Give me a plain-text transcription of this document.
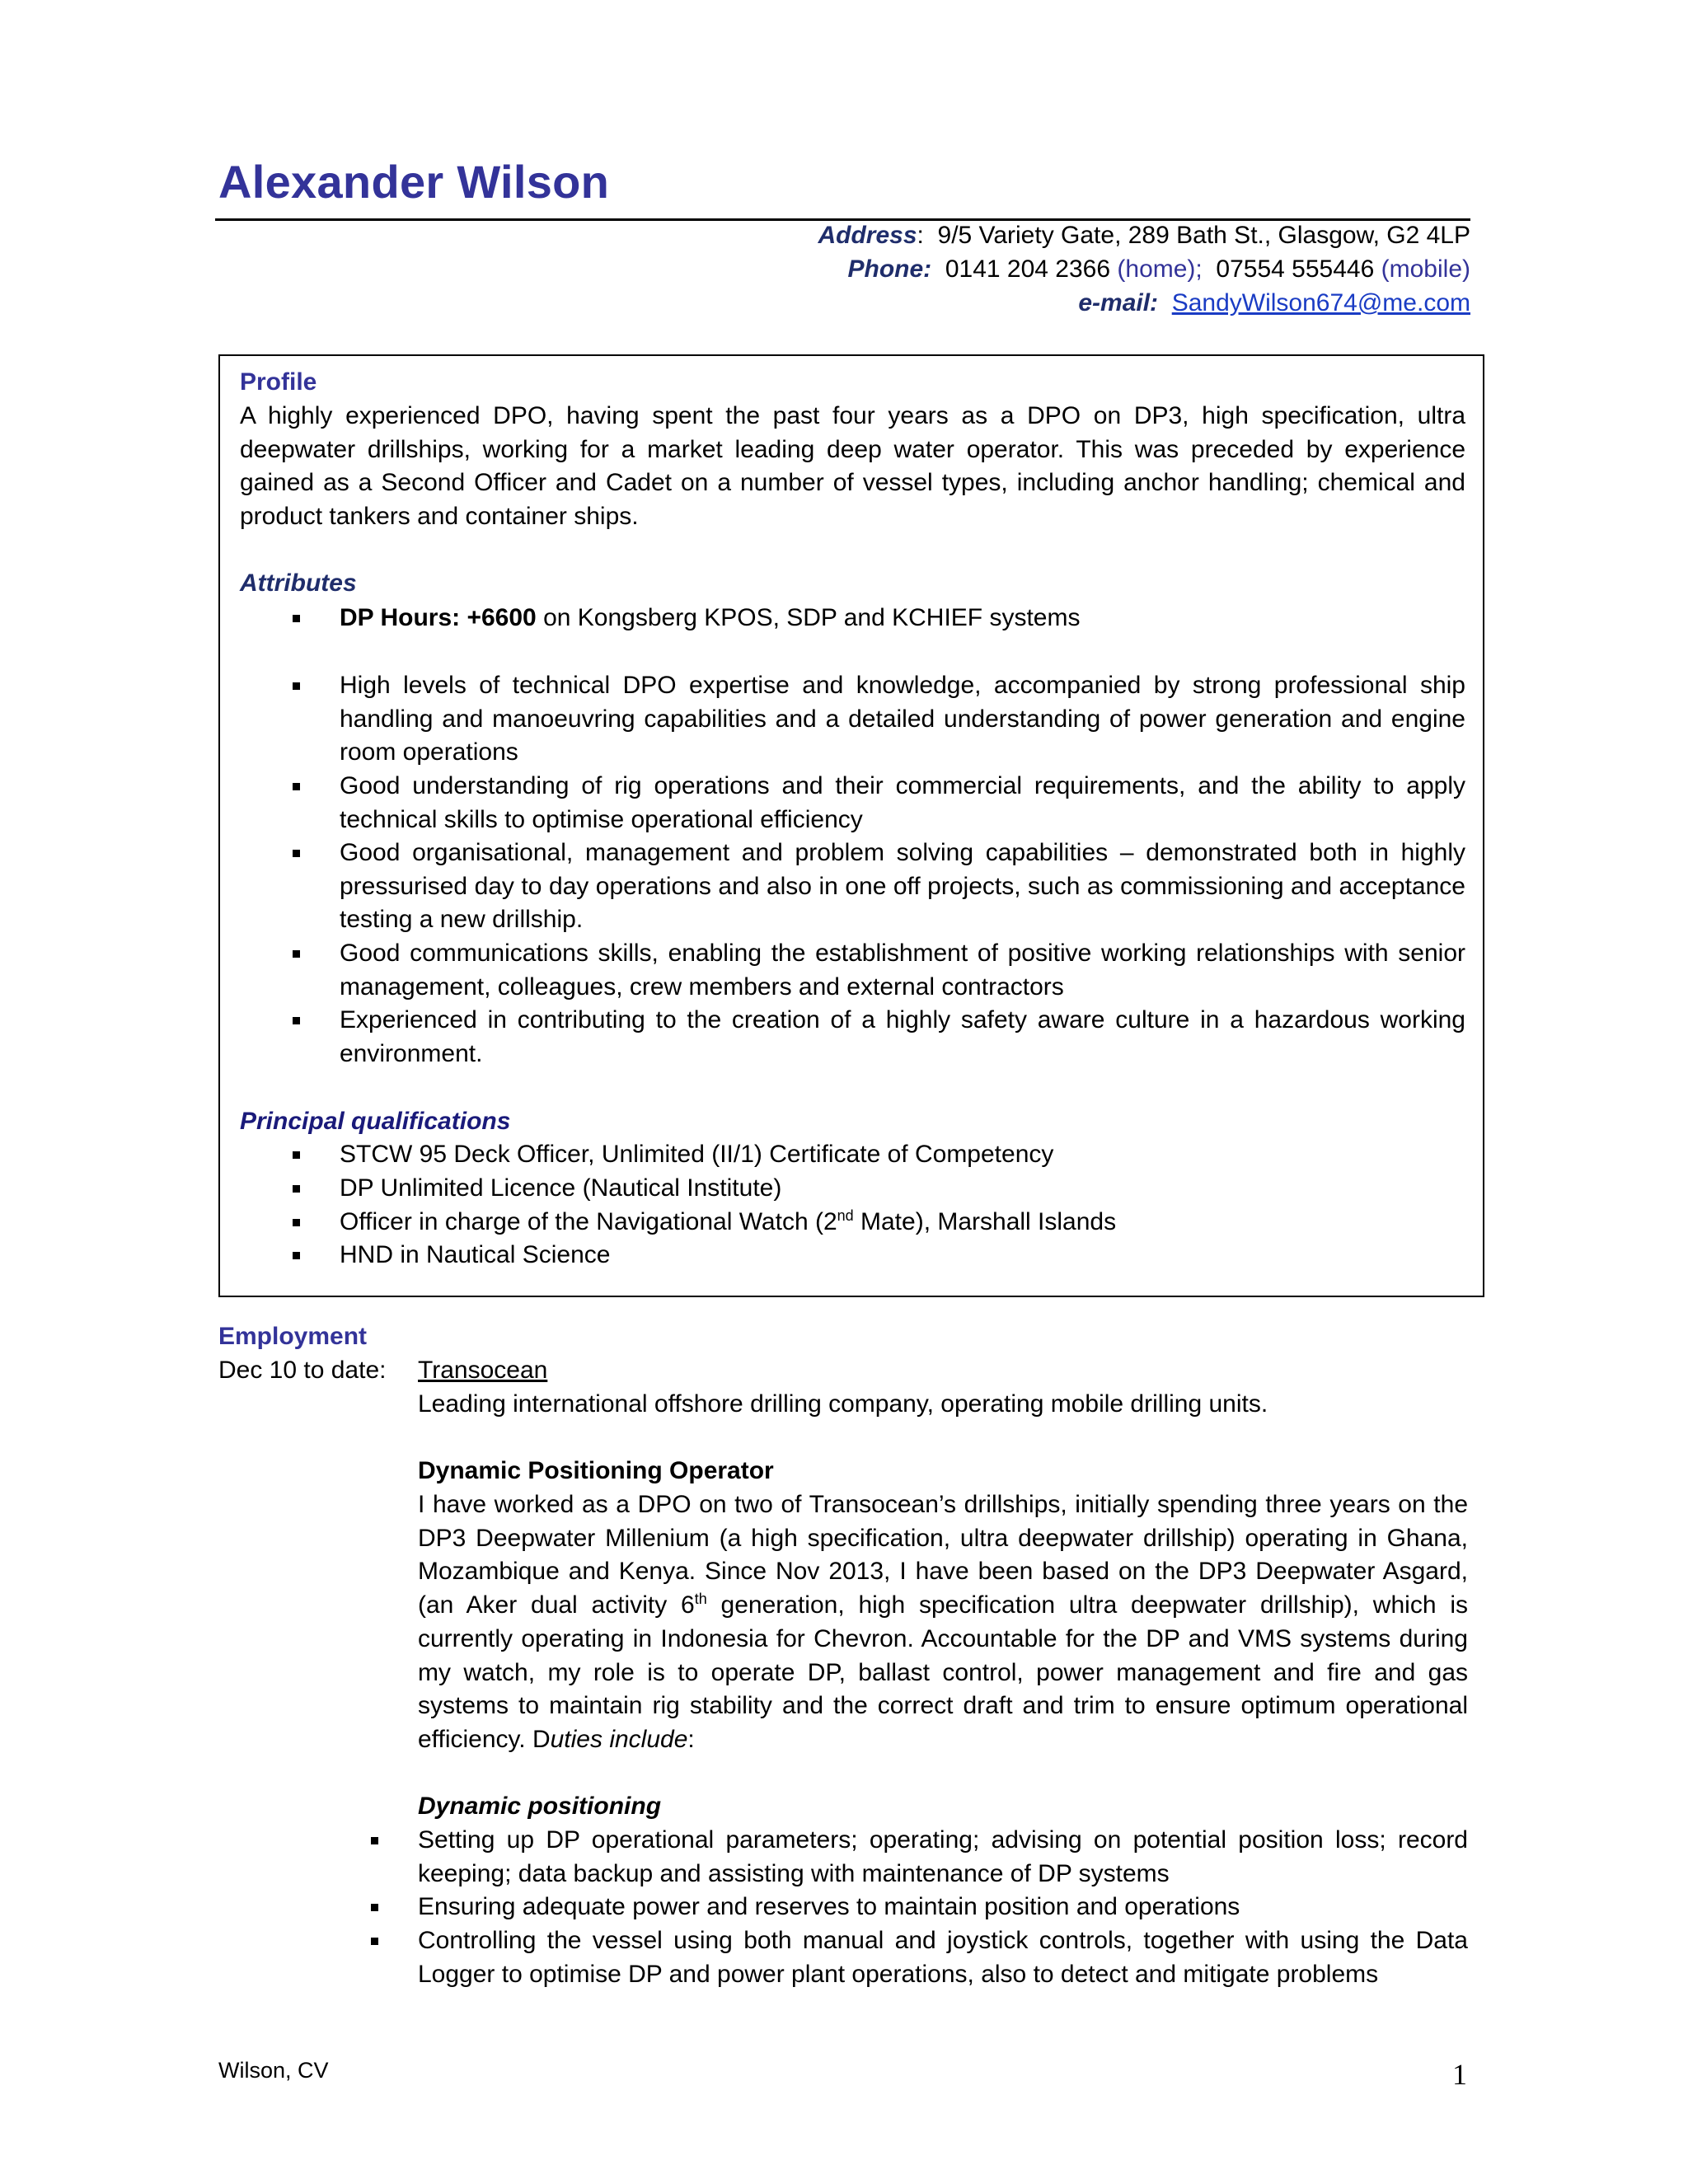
Alexander Wilson
Address:  9/5 Variety Gate, 289 Bath St., Glasgow, G2 4LP
Phone: 0141 204 2366 (home); 07554 555446 (mobile)
e-mail: SandyWilson674@me.com
Profile
A highly experienced DPO, having spent the past four years as a DPO on DP3, high specification, ultra deepwater drillships, working for a market leading deep water operator. This was preceded by experience gained as a Second Officer and Cadet on a number of vessel types, including anchor handling; chemical and product tankers and container ships.
Attributes
DP Hours: +6600 on Kongsberg KPOS, SDP and KCHIEF systems
High levels of technical DPO expertise and knowledge, accompanied by strong professional ship handling and manoeuvring capabilities and a detailed understanding of power generation and engine room operations
Good understanding of rig operations and their commercial requirements, and the ability to apply technical skills to optimise operational efficiency
Good organisational, management and problem solving capabilities – demonstrated both in highly pressurised day to day operations and also in one off projects, such as commissioning and acceptance testing a new drillship.
Good communications skills, enabling the establishment of positive working relationships with senior management, colleagues, crew members and external contractors
Experienced in contributing to the creation of a highly safety aware culture in a hazardous working environment.
Principal qualifications
STCW 95 Deck Officer, Unlimited (II/1) Certificate of Competency
DP Unlimited Licence (Nautical Institute)
Officer in charge of the Navigational Watch (2nd Mate), Marshall Islands
HND in Nautical Science
Employment
Dec 10 to date: Transocean
Leading international offshore drilling company, operating mobile drilling units.
Dynamic Positioning Operator
I have worked as a DPO on two of Transocean’s drillships, initially spending three years on the DP3 Deepwater Millenium (a high specification, ultra deepwater drillship) operating in Ghana, Mozambique and Kenya. Since Nov 2013, I have been based on the DP3 Deepwater Asgard, (an Aker dual activity 6th generation, high specification ultra deepwater drillship), which is currently operating in Indonesia for Chevron. Accountable for the DP and VMS systems during my watch, my role is to operate DP, ballast control, power management and fire and gas systems to maintain rig stability and the correct draft and trim to ensure optimum operational efficiency. Duties include:
Dynamic positioning
Setting up DP operational parameters; operating; advising on potential position loss; record keeping; data backup and assisting with maintenance of DP systems
Ensuring adequate power and reserves to maintain position and operations
Controlling the vessel using both manual and joystick controls, together with using the Data Logger to optimise DP and power plant operations, also to detect and mitigate problems
Wilson, CV	1
